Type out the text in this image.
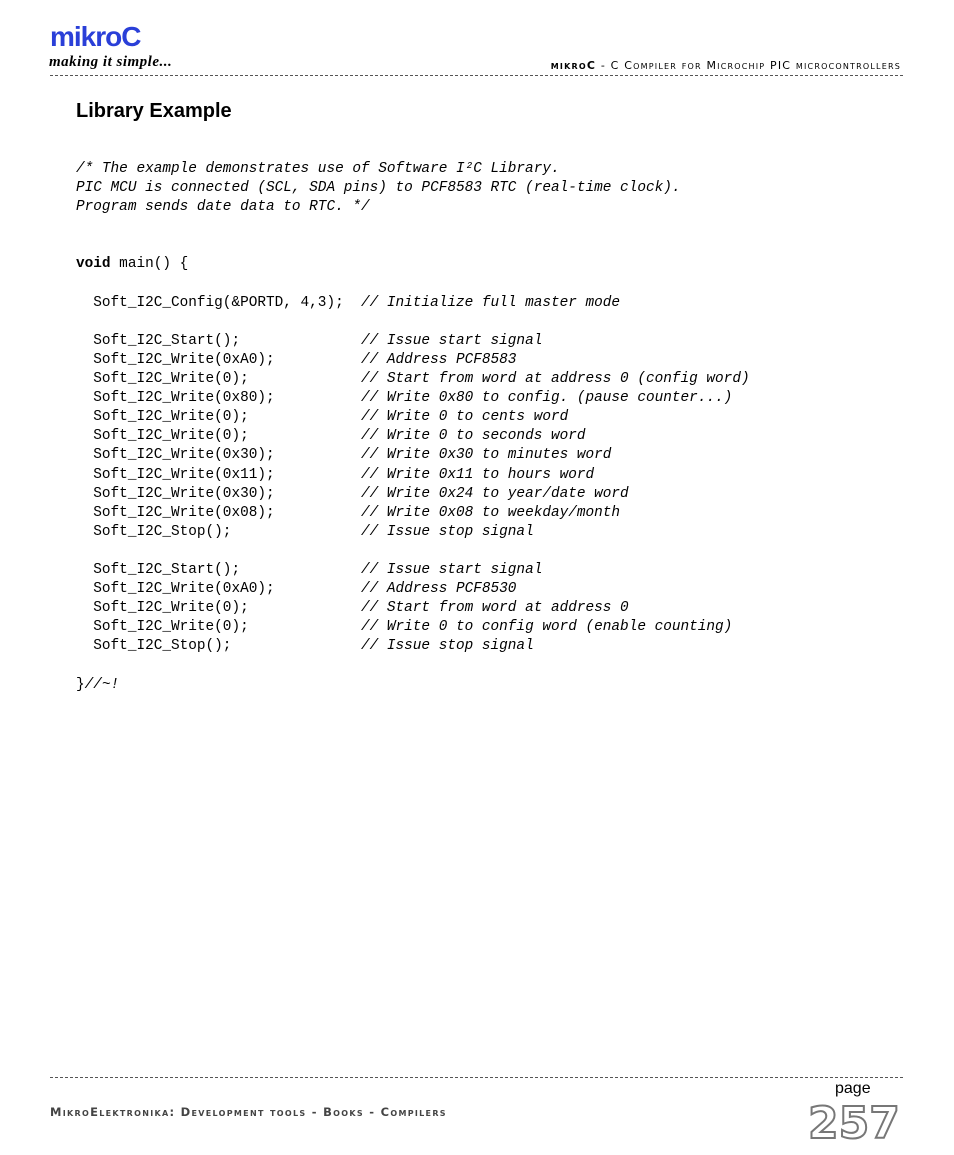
mikroC
making it simple...	mikroC - C Compiler for Microchip PIC microcontrollers
Library Example
/* The example demonstrates use of Software I²C Library.
PIC MCU is connected (SCL, SDA pins) to PCF8583 RTC (real-time clock).
Program sends date data to RTC. */

void main() {

Soft_I2C_Config(&PORTD, 4,3);  // Initialize full master mode

Soft_I2C_Start();              // Issue start signal
Soft_I2C_Write(0xA0);          // Address PCF8583
Soft_I2C_Write(0);             // Start from word at address 0 (config word)
Soft_I2C_Write(0x80);          // Write 0x80 to config. (pause counter...)
Soft_I2C_Write(0);             // Write 0 to cents word
Soft_I2C_Write(0);             // Write 0 to seconds word
Soft_I2C_Write(0x30);          // Write 0x30 to minutes word
Soft_I2C_Write(0x11);          // Write 0x11 to hours word
Soft_I2C_Write(0x30);          // Write 0x24 to year/date word
Soft_I2C_Write(0x08);          // Write 0x08 to weekday/month
Soft_I2C_Stop();               // Issue stop signal

Soft_I2C_Start();              // Issue start signal
Soft_I2C_Write(0xA0);          // Address PCF8530
Soft_I2C_Write(0);             // Start from word at address 0
Soft_I2C_Write(0);             // Write 0 to config word (enable counting)
Soft_I2C_Stop();               // Issue stop signal

}//~!
MikroElektronika: Development tools - Books - Compilers
page
257
